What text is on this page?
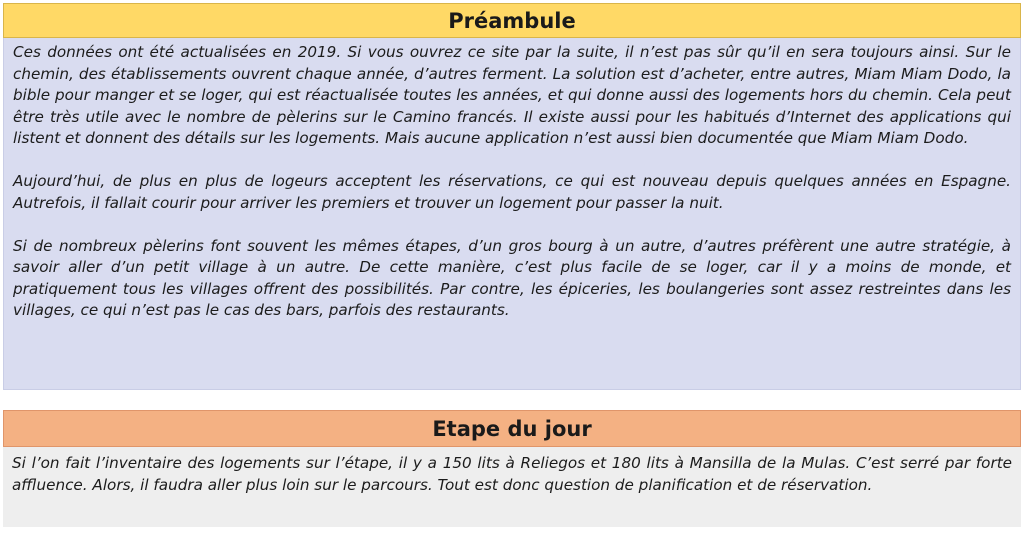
Préambule

Ces données ont été actualisées en 2019. Si vous ouvrez ce site par la suite, il n’est pas sûr qu’il en sera toujours ainsi. Sur le chemin, des établissements ouvrent chaque année, d’autres ferment. La solution est d’acheter, entre autres, Miam Miam Dodo, la bible pour manger et se loger, qui est réactualisée toutes les années, et qui donne aussi des logements hors du chemin. Cela peut être très utile avec le nombre de pèlerins sur le Camino francés. Il existe aussi pour les habitués d’Internet des applications qui listent et donnent des détails sur les logements. Mais aucune application n’est aussi bien documentée que Miam Miam Dodo.

Aujourd’hui, de plus en plus de logeurs acceptent les réservations, ce qui est nouveau depuis quelques années en Espagne. Autrefois, il fallait courir pour arriver les premiers et trouver un logement pour passer la nuit.

Si de nombreux pèlerins font souvent les mêmes étapes, d’un gros bourg à un autre, d’autres préfèrent une autre stratégie, à savoir aller d’un petit village à un autre. De cette manière, c’est plus facile de se loger, car il y a moins de monde, et pratiquement tous les villages offrent des possibilités. Par contre, les épiceries, les boulangeries sont assez restreintes dans les villages, ce qui n’est pas le cas des bars, parfois des restaurants.

Etape du jour

Si l’on fait l’inventaire des logements sur l’étape, il y a 150 lits à Reliegos et 180 lits à Mansilla de la Mulas. C’est serré par forte affluence. Alors, il faudra aller plus loin sur le parcours. Tout est donc question de planification et de réservation.
